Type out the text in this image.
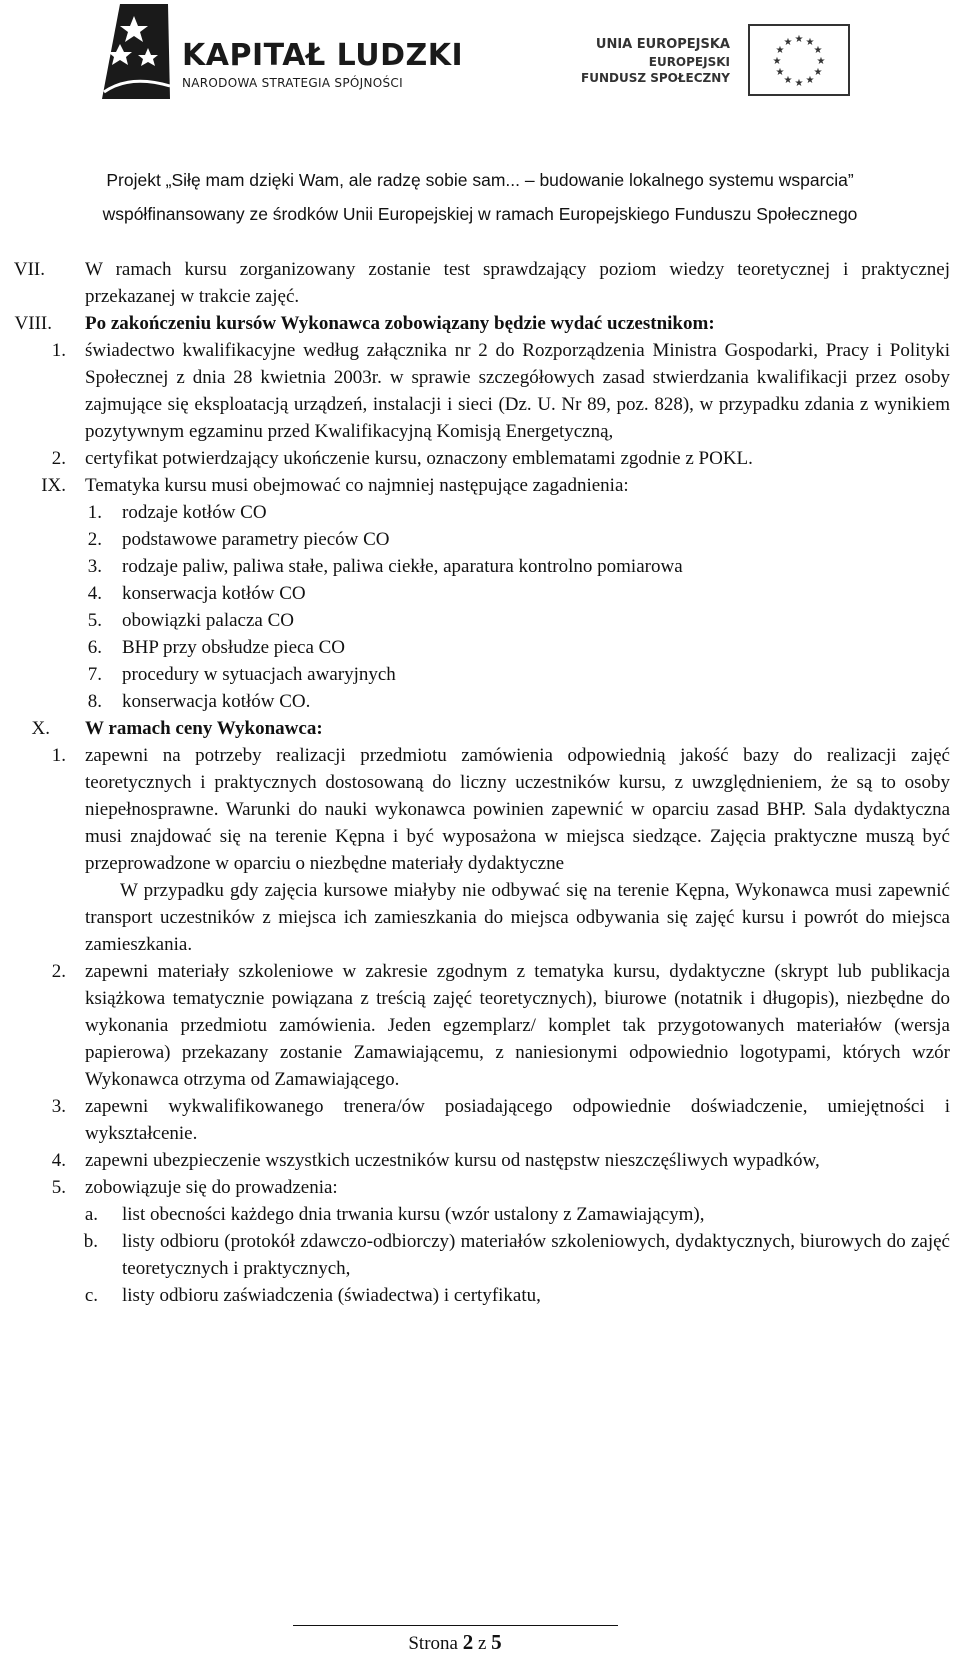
KAPITAŁ LUDZKI
NARODOWA STRATEGIA SPÓJNOŚCI
UNIA EUROPEJSKA
EUROPEJSKI
FUNDUSZ SPOŁECZNY
★ ★
★
★
★
★
★
★
★
★
★
★
Projekt „Siłę mam dzięki Wam, ale radzę sobie sam... – budowanie lokalnego systemu wsparcia”
współfinansowany ze środków Unii Europejskiej w ramach Europejskiego Funduszu Społecznego
VII. W ramach kursu zorganizowany zostanie test sprawdzający poziom wiedzy teoretycznej i praktycznej przekazanej w trakcie zajęć.
VIII. Po zakończeniu kursów Wykonawca zobowiązany będzie wydać uczestnikom:
1. świadectwo kwalifikacyjne według załącznika nr 2 do Rozporządzenia Ministra Gospodarki, Pracy i Polityki Społecznej z dnia 28 kwietnia 2003r. w sprawie szczegółowych zasad stwierdzania kwalifikacji przez osoby zajmujące się eksploatacją urządzeń, instalacji i sieci (Dz. U. Nr 89, poz. 828), w przypadku zdania z wynikiem pozytywnym egzaminu przed Kwalifikacyjną Komisją Energetyczną,
2. certyfikat potwierdzający ukończenie kursu, oznaczony emblematami zgodnie z POKL.
IX. Tematyka kursu musi obejmować co najmniej następujące zagadnienia:
1. rodzaje kotłów CO
2. podstawowe parametry pieców CO
3. rodzaje paliw, paliwa stałe, paliwa ciekłe, aparatura kontrolno pomiarowa
4. konserwacja kotłów CO
5. obowiązki palacza CO
6. BHP przy obsłudze pieca CO
7. procedury w sytuacjach awaryjnych
8. konserwacja kotłów CO.
X. W ramach ceny Wykonawca:
1. zapewni na potrzeby realizacji przedmiotu zamówienia odpowiednią jakość bazy do realizacji zajęć teoretycznych i praktycznych dostosowaną do liczny uczestników kursu, z uwzględnieniem, że są to osoby niepełnosprawne. Warunki do nauki wykonawca powinien zapewnić w oparciu zasad BHP. Sala dydaktyczna musi znajdować się na terenie Kępna i być wyposażona w miejsca siedzące. Zajęcia praktyczne muszą być przeprowadzone w oparciu o niezbędne materiały dydaktyczne
W przypadku gdy zajęcia kursowe miałyby nie odbywać się na terenie Kępna, Wykonawca musi zapewnić transport uczestników z miejsca ich zamieszkania do miejsca odbywania się zajęć kursu i powrót do miejsca zamieszkania.
2. zapewni materiały szkoleniowe w zakresie zgodnym z tematyka kursu, dydaktyczne (skrypt lub publikacja książkowa tematycznie powiązana z treścią zajęć teoretycznych), biurowe (notatnik i długopis), niezbędne do wykonania przedmiotu zamówienia. Jeden egzemplarz/ komplet tak przygotowanych materiałów (wersja papierowa) przekazany zostanie Zamawiającemu, z naniesionymi odpowiednio logotypami, których wzór Wykonawca otrzyma od Zamawiającego.
3. zapewni wykwalifikowanego trenera/ów posiadającego odpowiednie doświadczenie, umiejętności i wykształcenie.
4. zapewni ubezpieczenie wszystkich uczestników kursu od następstw nieszczęśliwych wypadków,
5. zobowiązuje się do prowadzenia:
a. list obecności każdego dnia trwania kursu (wzór ustalony z Zamawiającym),
b. listy odbioru (protokół zdawczo-odbiorczy) materiałów szkoleniowych, dydaktycznych, biurowych do zajęć teoretycznych i praktycznych,
c. listy odbioru zaświadczenia (świadectwa) i certyfikatu,
Strona 2 z 5
